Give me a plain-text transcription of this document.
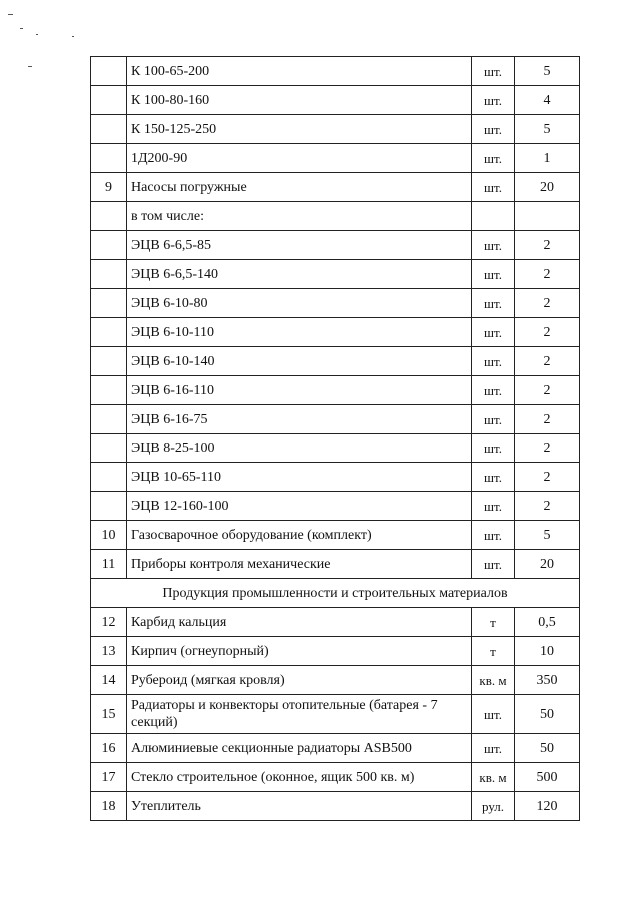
	К 100-65-200	шт.	5
	К 100-80-160	шт.	4
	К 150-125-250	шт.	5
	1Д200-90	шт.	1
9	Насосы погружные	шт.	20
	в том числе:		
	ЭЦВ 6-6,5-85	шт.	2
	ЭЦВ 6-6,5-140	шт.	2
	ЭЦВ 6-10-80	шт.	2
	ЭЦВ 6-10-110	шт.	2
	ЭЦВ 6-10-140	шт.	2
	ЭЦВ 6-16-110	шт.	2
	ЭЦВ 6-16-75	шт.	2
	ЭЦВ 8-25-100	шт.	2
	ЭЦВ 10-65-110	шт.	2
	ЭЦВ 12-160-100	шт.	2
10	Газосварочное оборудование (комплект)	шт.	5
11	Приборы контроля механические	шт.	20
Продукция промышленности и строительных материалов			
12	Карбид кальция	т	0,5
13	Кирпич (огнеупорный)	т	10
14	Рубероид (мягкая кровля)	кв. м	350
15	Радиаторы и конвекторы отопительные (батарея - 7 секций)	шт.	50
16	Алюминиевые секционные радиаторы ASB500	шт.	50
17	Стекло строительное (оконное, ящик 500 кв. м)	кв. м	500
18	Утеплитель	рул.	120
